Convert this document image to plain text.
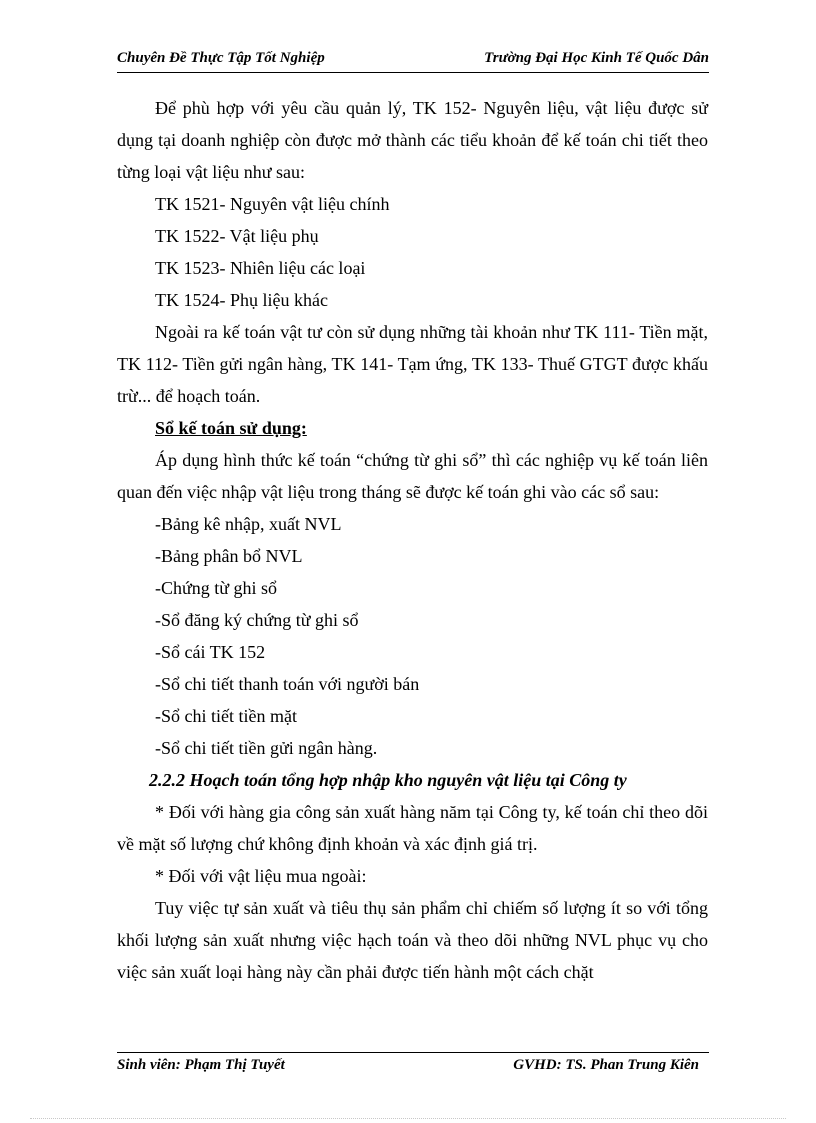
Chuyên Đề Thực Tập Tốt Nghiệp	Trường Đại Học Kinh Tế Quốc Dân

Để phù hợp với yêu cầu quản lý, TK 152- Nguyên liệu, vật liệu được sử dụng tại doanh nghiệp còn được mở thành các tiểu khoản để kế toán chi tiết theo từng loại vật liệu như sau:

TK 1521- Nguyên vật liệu chính

TK 1522- Vật liệu phụ

TK 1523- Nhiên liệu các loại

TK 1524- Phụ liệu khác

Ngoài ra kế toán vật tư còn sử dụng những tài khoản như TK 111- Tiền mặt, TK 112- Tiền gửi ngân hàng, TK 141- Tạm ứng, TK 133- Thuế GTGT được khấu trừ... để hoạch toán.

Sổ kế toán sử dụng:

Áp dụng hình thức kế toán “chứng từ ghi sổ” thì các nghiệp vụ kế toán liên quan đến việc nhập vật liệu trong tháng sẽ được kế toán ghi vào các sổ sau:

-Bảng kê nhập, xuất NVL

-Bảng phân bổ NVL

-Chứng từ ghi sổ

-Sổ đăng ký chứng từ ghi sổ

-Sổ cái TK 152

-Sổ chi tiết thanh toán với người bán

-Sổ chi tiết tiền mặt

-Sổ chi tiết tiền gửi ngân hàng.

2.2.2 Hoạch toán tổng hợp nhập kho nguyên vật liệu tại Công ty

* Đối với hàng gia công sản xuất hàng năm tại Công ty, kế toán chỉ theo dõi về mặt số lượng chứ không định khoản và xác định giá trị.

* Đối với vật liệu mua ngoài:

Tuy việc tự sản xuất và tiêu thụ sản phẩm chỉ chiếm số lượng ít so với tổng khối lượng sản xuất nhưng việc hạch toán và theo dõi những NVL phục vụ cho việc sản xuất loại hàng này cần phải được tiến hành một cách chặt

Sinh viên: Phạm Thị Tuyết	GVHD: TS. Phan Trung Kiên
